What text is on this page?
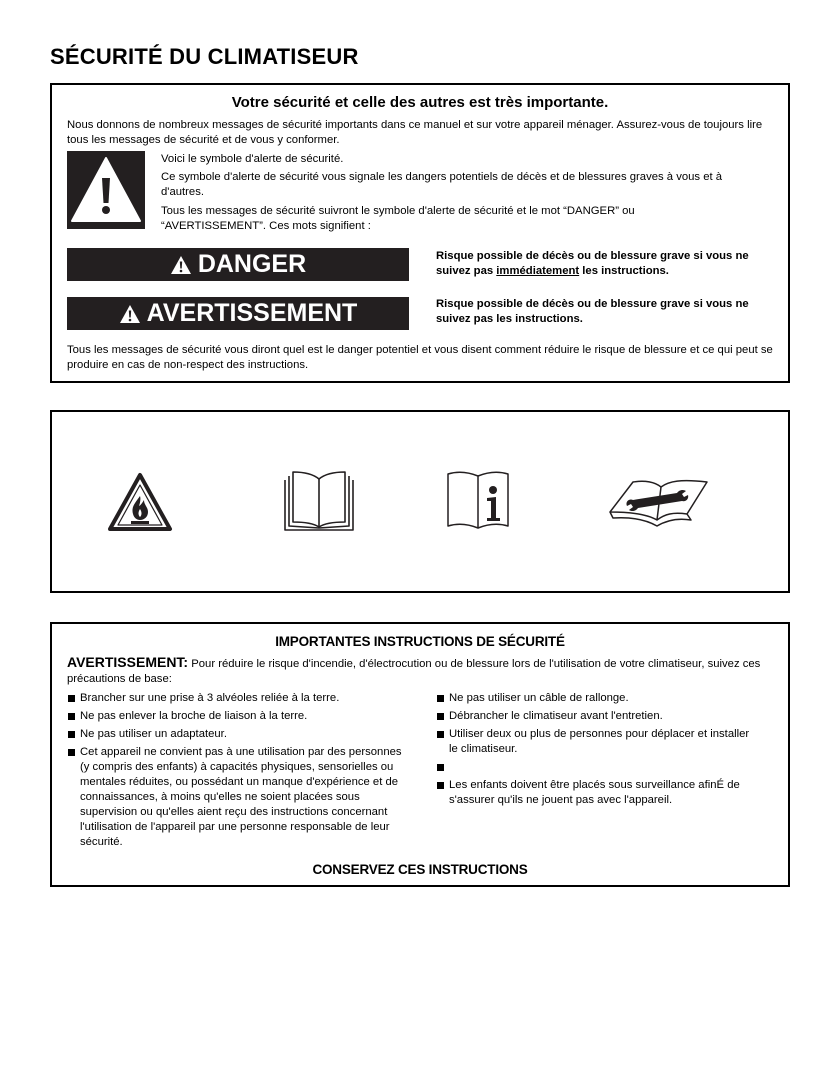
SÉCURITÉ DU CLIMATISEUR
Votre sécurité et celle des autres est très importante.

Nous donnons de nombreux messages de sécurité importants dans ce manuel et sur votre appareil ménager. Assurez-vous de toujours lire tous les messages de sécurité et de vous y conformer.

Voici le symbole d'alerte de sécurité.

Ce symbole d'alerte de sécurité vous signale les dangers potentiels de décès et de blessures graves à vous et à d'autres.

Tous les messages de sécurité suivront le symbole d'alerte de sécurité et le mot “DANGER” ou “AVERTISSEMENT”. Ces mots signifient :

DANGER	Risque possible de décès ou de blessure grave si vous ne suivez pas immédiatement les instructions.
AVERTISSEMENT	Risque possible de décès ou de blessure grave si vous ne suivez pas les instructions.

Tous les messages de sécurité vous diront quel est le danger potentiel et vous disent comment réduire le risque de blessure et ce qui peut se produire en cas de non-respect des instructions.

IMPORTANTES INSTRUCTIONS DE SÉCURITÉ

AVERTISSEMENT: Pour réduire le risque d'incendie, d'électrocution ou de blessure lors de l'utilisation de votre climatiseur, suivez ces précautions de base:

Brancher sur une prise à 3 alvéoles reliée à la terre.
Ne pas enlever la broche de liaison à la terre.
Ne pas utiliser un adaptateur.
Cet appareil ne convient pas à une utilisation par des personnes (y compris des enfants) à capacités physiques, sensorielles ou mentales réduites, ou possédant un manque d'expérience et de connaissances, à moins qu'elles ne soient placées sous supervision ou qu'elles aient reçu des instructions concernant l'utilisation de l'appareil par une personne responsable de leur sécurité.
Ne pas utiliser un câble de rallonge.
Débrancher le climatiseur avant l'entretien.
Utiliser deux ou plus de personnes pour déplacer et installer le climatiseur.
Les enfants doivent être placés sous surveillance afinÉ de s'assurer qu'ils ne jouent pas avec l'appareil.
CONSERVEZ CES INSTRUCTIONS
